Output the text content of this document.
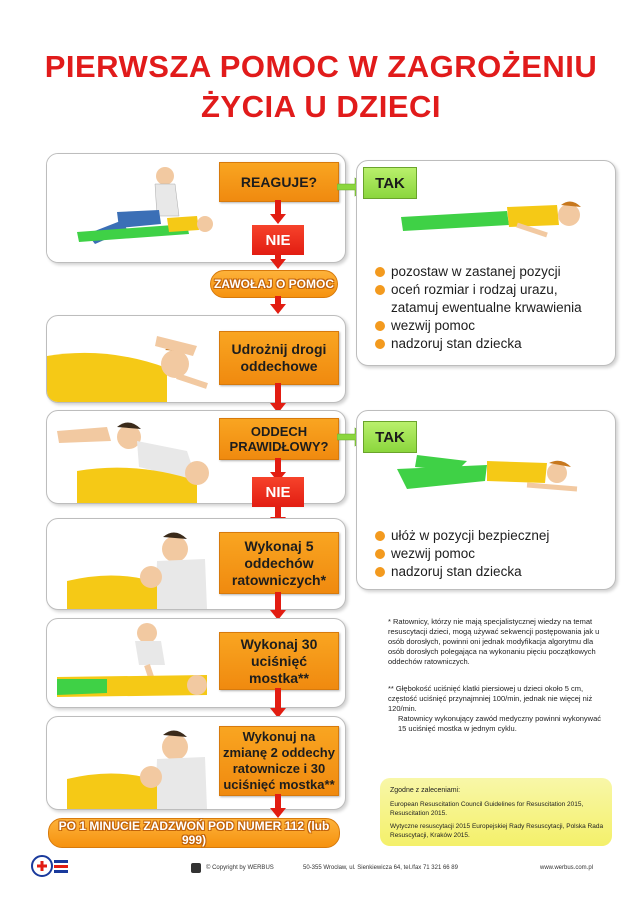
PIERWSZA POMOC W ZAGROŻENIU
ŻYCIA U DZIECI
REAGUJE?
pozostaw w zastanej pozycji
oceń rozmiar i rodzaj urazu, zatamuj ewentualne krwawienia
wezwij pomoc
nadzoruj stan dziecka
TAK
NIE
ZAWOŁAJ O POMOC
Udrożnij drogi oddechowe
ODDECH PRAWIDŁOWY?
ułóż w pozycji bezpiecznej
wezwij pomoc
nadzoruj stan dziecka
TAK
NIE
Wykonaj 5 oddechów ratowniczych*
Wykonaj 30 uciśnięć mostka**
Wykonuj na zmianę 2 oddechy ratownicze i 30 uciśnięć mostka**
PO 1 MINUCIE ZADZWOŃ POD NUMER 112 (lub 999)
* Ratownicy, którzy nie mają specjalistycznej wiedzy na temat resuscytacji dzieci, mogą używać sekwencji postępowania jak u osób dorosłych, powinni oni jednak modyfikacja algorytmu dla osób dorosłych polegająca na wykonaniu pięciu początkowych oddechów ratowniczych.
** Głębokość uciśnięć klatki piersiowej u dzieci około 5 cm, częstość uciśnięć przynajmniej 100/min, jednak nie więcej niż 120/min.
Ratownicy wykonujący zawód medyczny powinni wykonywać 15 uciśnięć mostka w jednym cyklu.
Zgodne z zaleceniami:
European Resuscitation Council Guidelines for Resuscitation 2015, Resuscitation 2015.
Wytyczne resuscytacji 2015 Europejskiej Rady Resuscytacji, Polska Rada Resuscytacji, Kraków 2015.
© Copyright by WERBUS	50-355 Wrocław, ul. Sienkiewicza 64, tel./fax 71 321 66 89	www.werbus.com.pl
